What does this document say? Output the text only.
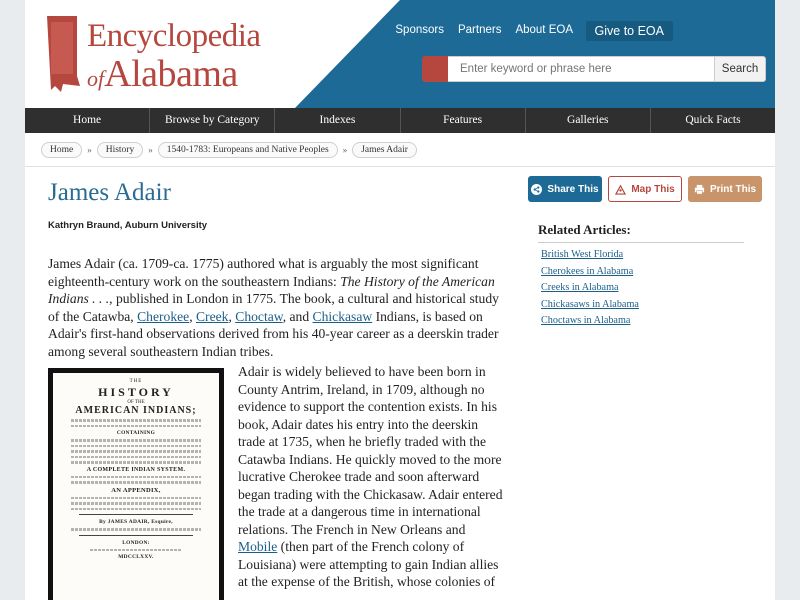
Encyclopedia
ofAlabama
Sponsors Partners About EOA	Give to EOA
Enter keyword or phrase here
Search
Home	Browse by Category	Indexes	Features	Galleries	Quick Facts
Home	»	History	»	1540-1783: Europeans and Native Peoples	»	James Adair
James Adair
Kathryn Braund, Auburn University
James Adair (ca. 1709-ca. 1775) authored what is arguably the most significant eighteenth-century work on the southeastern Indians: The History of the American Indians . . ., published in London in 1775. The book, a cultural and historical study of the Catawba, Cherokee, Creek, Choctaw, and Chickasaw Indians, is based on Adair's first-hand observations derived from his 40-year career as a deerskin trader among several southeastern Indian tribes.
THE
HISTORY
OF THE
AMERICAN INDIANS;
CONTAINING
A COMPLETE INDIAN SYSTEM.
AN APPENDIX,
By JAMES ADAIR, Esquire,
LONDON:
MDCCLXXV.
Adair is widely believed to have been born in County Antrim, Ireland, in 1709, although no evidence to support the contention exists. In his book, Adair dates his entry into the deerskin trade at 1735, when he briefly traded with the Catawba Indians. He quickly moved to the more lucrative Cherokee trade and soon afterward began trading with the Chickasaw. Adair entered the trade at a dangerous time in international relations. The French in New Orleans and Mobile (then part of the French colony of Louisiana) were attempting to gain Indian allies at the expense of the British, whose colonies of
Share This	Map This	Print This
Related Articles:
British West Florida
Cherokees in Alabama
Creeks in Alabama
Chickasaws in Alabama
Choctaws in Alabama
